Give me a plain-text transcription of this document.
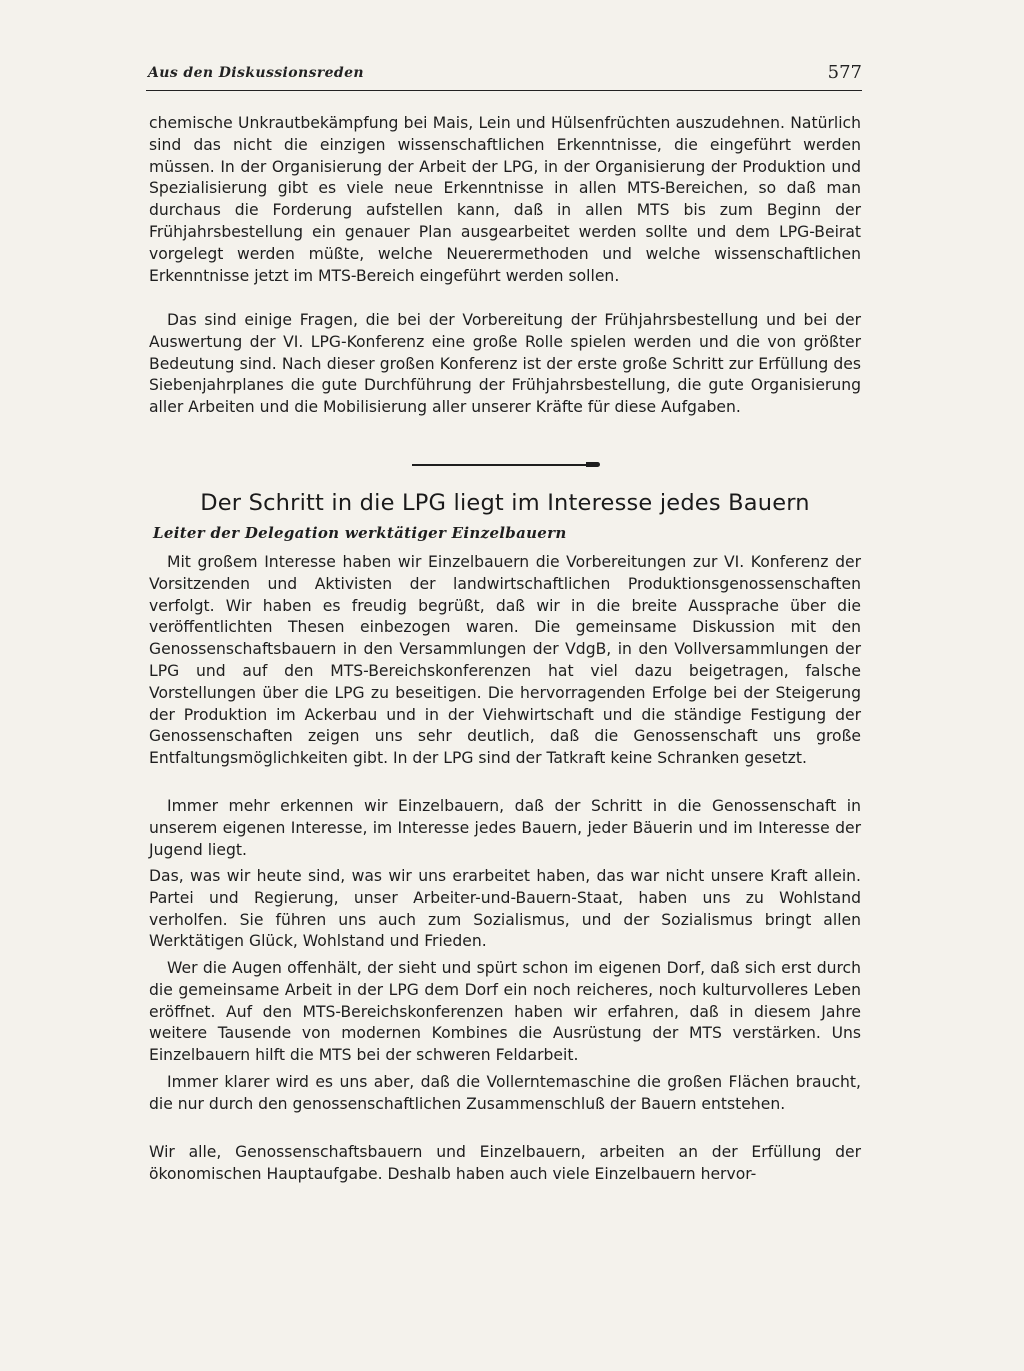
Aus den Diskussionsreden	577

chemische Unkrautbekämpfung bei Mais, Lein und Hülsenfrüchten auszudehnen. Natürlich sind das nicht die einzigen wissenschaftlichen Erkenntnisse, die eingeführt werden müssen. In der Organisierung der Arbeit der LPG, in der Organisierung der Produktion und Spezialisierung gibt es viele neue Erkenntnisse in allen MTS-Bereichen, so daß man durchaus die Forderung aufstellen kann, daß in allen MTS bis zum Beginn der Frühjahrsbestellung ein genauer Plan ausgearbeitet werden sollte und dem LPG-Beirat vorgelegt werden müßte, welche Neuerermethoden und welche wissenschaftlichen Erkenntnisse jetzt im MTS-Bereich eingeführt werden sollen.

Das sind einige Fragen, die bei der Vorbereitung der Frühjahrsbestellung und bei der Auswertung der VI. LPG-Konferenz eine große Rolle spielen werden und die von größter Bedeutung sind. Nach dieser großen Konferenz ist der erste große Schritt zur Erfüllung des Siebenjahrplanes die gute Durchführung der Frühjahrsbestellung, die gute Organisierung aller Arbeiten und die Mobilisierung aller unserer Kräfte für diese Aufgaben.

Der Schritt in die LPG liegt im Interesse jedes Bauern

Leiter der Delegation werktätiger Einzelbauern

Mit großem Interesse haben wir Einzelbauern die Vorbereitungen zur VI. Konferenz der Vorsitzenden und Aktivisten der landwirtschaftlichen Produktionsgenossenschaften verfolgt. Wir haben es freudig begrüßt, daß wir in die breite Aussprache über die veröffentlichten Thesen einbezogen waren. Die gemeinsame Diskussion mit den Genossenschaftsbauern in den Versammlungen der VdgB, in den Vollversammlungen der LPG und auf den MTS-Bereichskonferenzen hat viel dazu beigetragen, falsche Vorstellungen über die LPG zu beseitigen. Die hervorragenden Erfolge bei der Steigerung der Produktion im Ackerbau und in der Viehwirtschaft und die ständige Festigung der Genossenschaften zeigen uns sehr deutlich, daß die Genossenschaft uns große Entfaltungsmöglichkeiten gibt. In der LPG sind der Tatkraft keine Schranken gesetzt.

Immer mehr erkennen wir Einzelbauern, daß der Schritt in die Genossenschaft in unserem eigenen Interesse, im Interesse jedes Bauern, jeder Bäuerin und im Interesse der Jugend liegt.

Das, was wir heute sind, was wir uns erarbeitet haben, das war nicht unsere Kraft allein. Partei und Regierung, unser Arbeiter-und-Bauern-Staat, haben uns zu Wohlstand verholfen. Sie führen uns auch zum Sozialismus, und der Sozialismus bringt allen Werktätigen Glück, Wohlstand und Frieden.

Wer die Augen offenhält, der sieht und spürt schon im eigenen Dorf, daß sich erst durch die gemeinsame Arbeit in der LPG dem Dorf ein noch reicheres, noch kulturvolleres Leben eröffnet. Auf den MTS-Bereichskonferenzen haben wir erfahren, daß in diesem Jahre weitere Tausende von modernen Kombines die Ausrüstung der MTS verstärken. Uns Einzelbauern hilft die MTS bei der schweren Feldarbeit.

Immer klarer wird es uns aber, daß die Vollerntemaschine die großen Flächen braucht, die nur durch den genossenschaftlichen Zusammenschluß der Bauern entstehen.

Wir alle, Genossenschaftsbauern und Einzelbauern, arbeiten an der Erfüllung der ökonomischen Hauptaufgabe. Deshalb haben auch viele Einzelbauern hervor-
